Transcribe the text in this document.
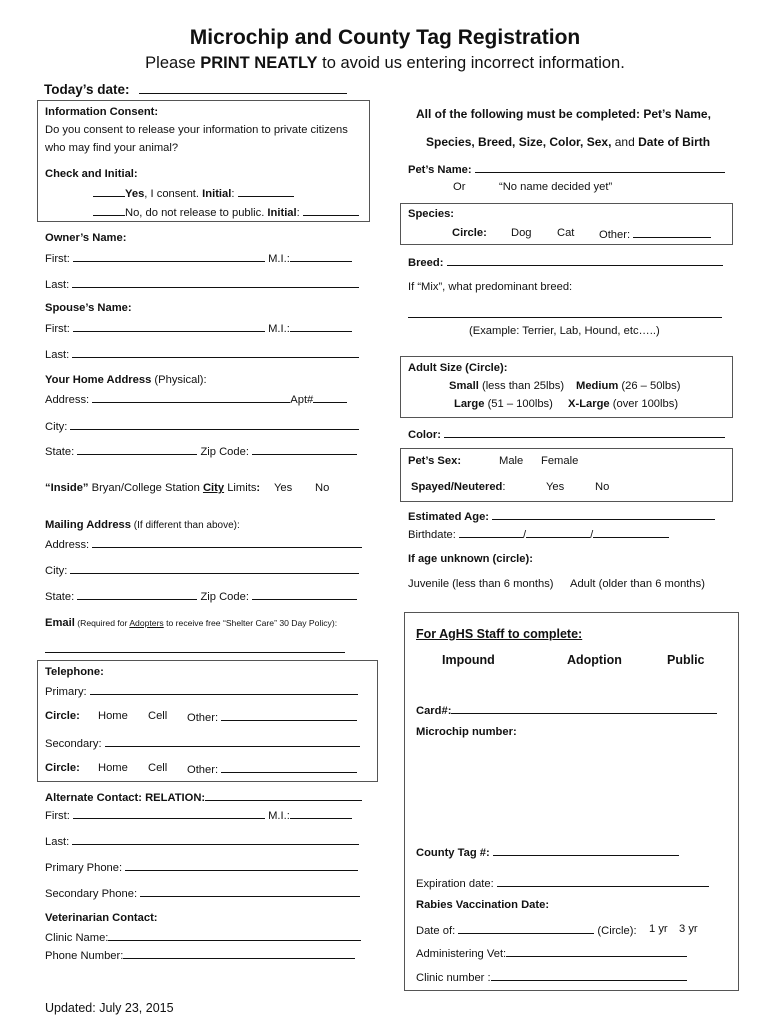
Microchip and County Tag Registration
Please PRINT NEATLY to avoid us entering incorrect information.
Today’s date:
Information Consent:
Do you consent to release your information to private citizens
who may find your animal?
Check and Initial:
Yes, I consent. Initial:
No, do not release to public. Initial:
Owner’s Name:
First:	M.I.:
Last:
Spouse’s Name:
First:	M.I.:
Last:
Your Home Address (Physical):
Address:	Apt#
City:
State:	Zip Code:
“Inside” Bryan/College Station City Limits: Yes No
Mailing Address (If different than above):
Address:
City:
State:	Zip Code:
Email (Required for Adopters to receive free “Shelter Care” 30 Day Policy):
Telephone:
Primary:
Circle: Home Cell Other:
Secondary:
Circle: Home Cell Other:
Alternate Contact: RELATION:
First:	M.I.:
Last:
Primary Phone:
Secondary Phone:
Veterinarian Contact:
Clinic Name:
Phone Number:
Updated: July 23, 2015
All of the following must be completed: Pet’s Name,
Species, Breed, Size, Color, Sex, and Date of Birth
Pet’s Name:
Or	“No name decided yet”
Species:
Circle: Dog Cat Other:
Breed:
If “Mix”, what predominant breed:
(Example: Terrier, Lab, Hound, etc…..)
Adult Size (Circle):
Small (less than 25lbs) Medium (26 – 50lbs)
Large (51 – 100lbs) X-Large (over 100lbs)
Color:
Pet’s Sex:	Male Female
Spayed/Neutered:	Yes	No
Estimated Age:
Birthdate:	/	/
If age unknown (circle):
Juvenile (less than 6 months) Adult (older than 6 months)
For AgHS Staff to complete:
Impound	Adoption	Public
Card#:
Microchip number:
County Tag #:
Expiration date:
Rabies Vaccination Date:
Date of:	(Circle): 1 yr 3 yr
Administering Vet:
Clinic number :
